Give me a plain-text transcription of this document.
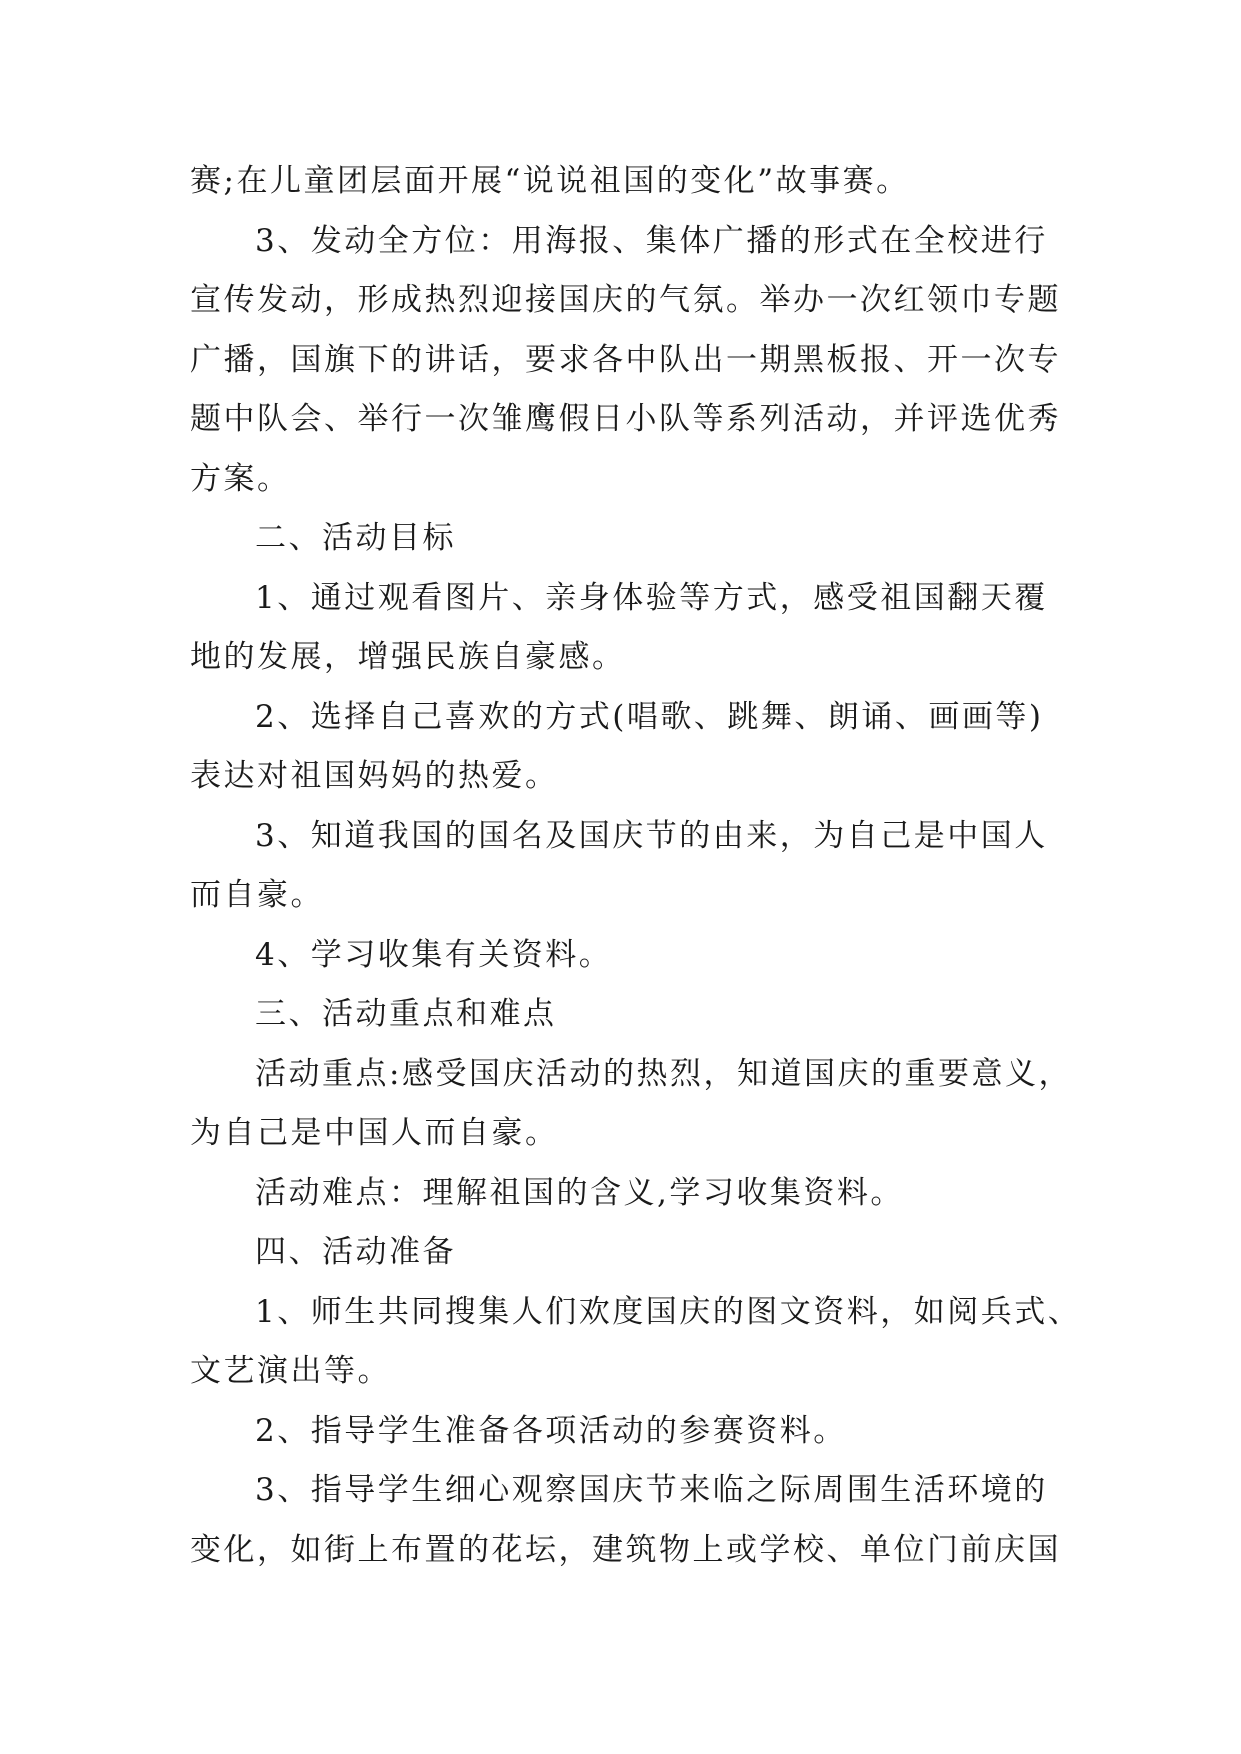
赛;在儿童团层面开展“说说祖国的变化”故事赛。
3、发动全方位：用海报、集体广播的形式在全校进行
宣传发动，形成热烈迎接国庆的气氛。举办一次红领巾专题
广播，国旗下的讲话，要求各中队出一期黑板报、开一次专
题中队会、举行一次雏鹰假日小队等系列活动，并评选优秀
方案。
二、活动目标
1、通过观看图片、亲身体验等方式，感受祖国翻天覆
地的发展，增强民族自豪感。
2、选择自己喜欢的方式(唱歌、跳舞、朗诵、画画等)
表达对祖国妈妈的热爱。
3、知道我国的国名及国庆节的由来，为自己是中国人
而自豪。
4、学习收集有关资料。
三、活动重点和难点
活动重点:感受国庆活动的热烈，知道国庆的重要意义，
为自己是中国人而自豪。
活动难点：理解祖国的含义,学习收集资料。
四、活动准备
1、师生共同搜集人们欢度国庆的图文资料，如阅兵式、
文艺演出等。
2、指导学生准备各项活动的参赛资料。
3、指导学生细心观察国庆节来临之际周围生活环境的
变化，如街上布置的花坛，建筑物上或学校、单位门前庆国
